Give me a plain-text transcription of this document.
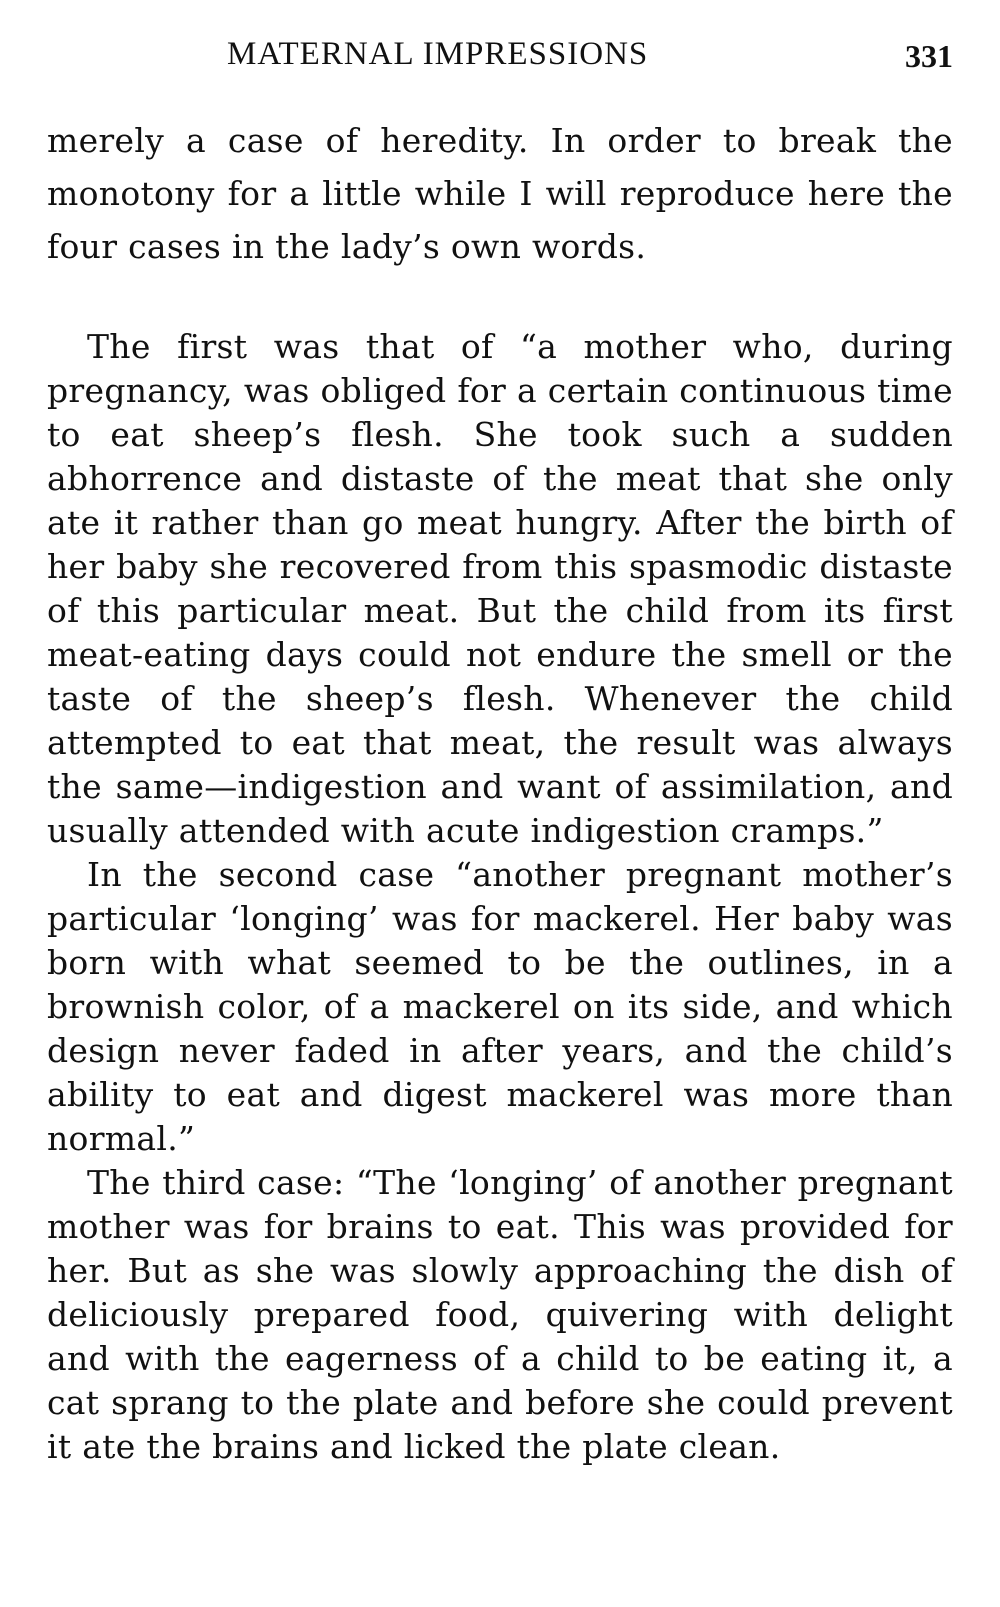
MATERNAL IMPRESSIONS	331

merely a case of heredity. In order to break the monotony for a little while I will reproduce here the four cases in the lady’s own words.

The first was that of “a mother who, during pregnancy, was obliged for a certain continuous time to eat sheep’s flesh. She took such a sudden abhorrence and distaste of the meat that she only ate it rather than go meat hungry. After the birth of her baby she recovered from this spasmodic distaste of this particular meat. But the child from its first meat-eating days could not endure the smell or the taste of the sheep’s flesh. Whenever the child attempted to eat that meat, the result was always the same—indigestion and want of assimilation, and usually attended with acute indigestion cramps.”

In the second case “another pregnant mother’s particular ‘longing’ was for mackerel. Her baby was born with what seemed to be the outlines, in a brownish color, of a mackerel on its side, and which design never faded in after years, and the child’s ability to eat and digest mackerel was more than normal.”

The third case: “The ‘longing’ of another pregnant mother was for brains to eat. This was provided for her. But as she was slowly approaching the dish of deliciously prepared food, quivering with delight and with the eagerness of a child to be eating it, a cat sprang to the plate and before she could prevent it ate the brains and licked the plate clean.
